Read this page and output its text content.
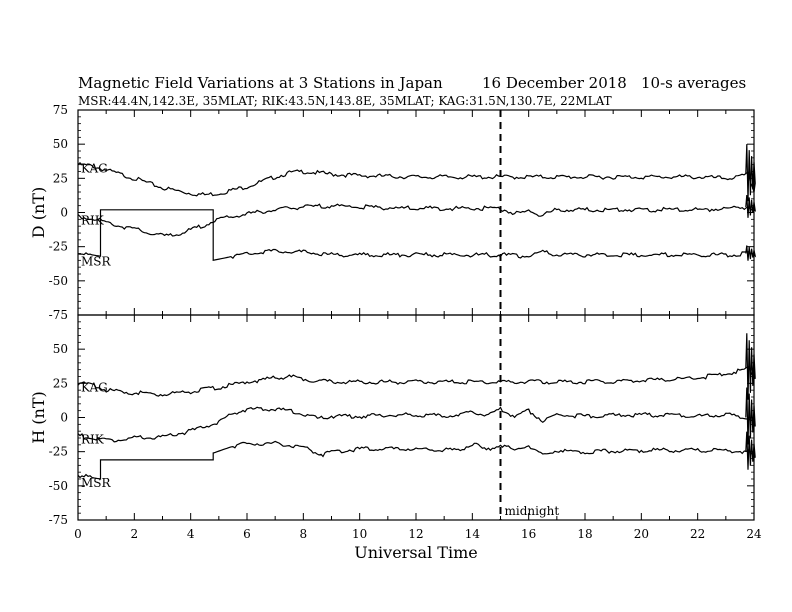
Magnetic Field Variations at 3 Stations in Japan	16 December 2018 10-s averages
MSR:44.4N,142.3E, 35MLAT; RIK:43.5N,143.8E, 35MLAT; KAG:31.5N,130.7E, 22MLAT
75
50
25
0
-25
-50
-75
D (nT)
KAG
RIK
MSR
50
25
0
-25
-50
-75
0	2	4	6	8	10	12	14	16	18	20	22	24
H (nT)
KAG
RIK
MSR
midnight
Universal Time
